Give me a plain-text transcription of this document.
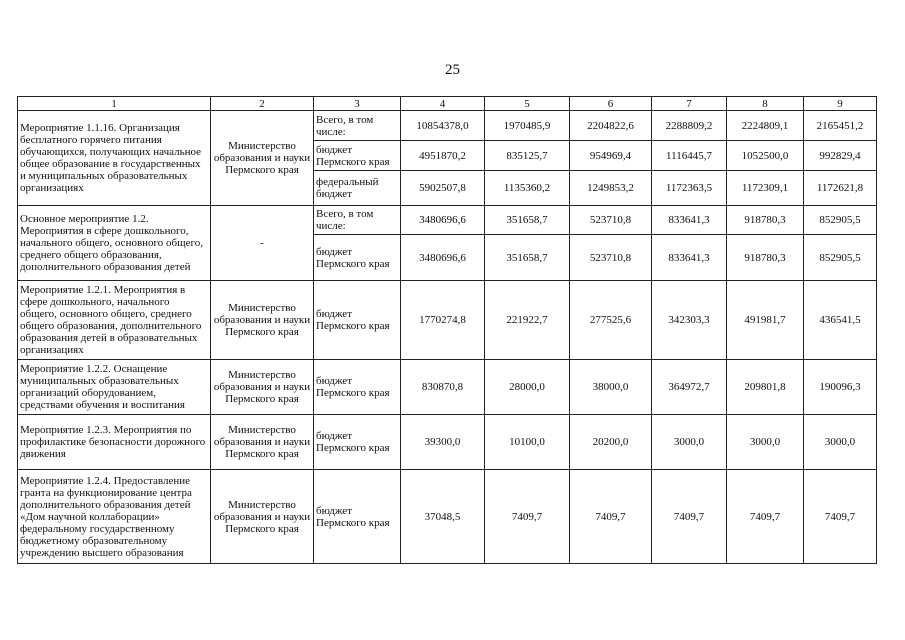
25
1	2	3	4	5	6	7	8	9
Мероприятие 1.1.16. Организация бесплатного горячего питания обучающихся, получающих начальное общее образование в государственных и муниципальных образовательных организациях	Министерство образования и науки Пермского края	Всего, в том числе:	10854378,0	1970485,9	2204822,6	2288809,2	2224809,1	2165451,2
		бюджет Пермского края	4951870,2	835125,7	954969,4	1116445,7	1052500,0	992829,4
		федеральный бюджет	5902507,8	1135360,2	1249853,2	1172363,5	1172309,1	1172621,8
Основное мероприятие 1.2. Мероприятия в сфере дошкольного, начального общего, основного общего, среднего общего образования, дополнительного образования детей	-	Всего, в том числе:	3480696,6	351658,7	523710,8	833641,3	918780,3	852905,5
		бюджет Пермского края	3480696,6	351658,7	523710,8	833641,3	918780,3	852905,5
Мероприятие 1.2.1. Мероприятия в сфере дошкольного, начального общего, основного общего, среднего общего образования, дополнительного образования детей в образовательных организациях	Министерство образования и науки Пермского края	бюджет Пермского края	1770274,8	221922,7	277525,6	342303,3	491981,7	436541,5
Мероприятие 1.2.2. Оснащение муниципальных образовательных организаций оборудованием, средствами обучения и воспитания	Министерство образования и науки Пермского края	бюджет Пермского края	830870,8	28000,0	38000,0	364972,7	209801,8	190096,3
Мероприятие 1.2.3. Мероприятия по профилактике безопасности дорожного движения	Министерство образования и науки Пермского края	бюджет Пермского края	39300,0	10100,0	20200,0	3000,0	3000,0	3000,0
Мероприятие 1.2.4. Предоставление гранта на функционирование центра дополнительного образования детей «Дом научной коллаборации» федеральному государственному бюджетному образовательному учреждению высшего образования	Министерство образования и науки Пермского края	бюджет Пермского края	37048,5	7409,7	7409,7	7409,7	7409,7	7409,7
